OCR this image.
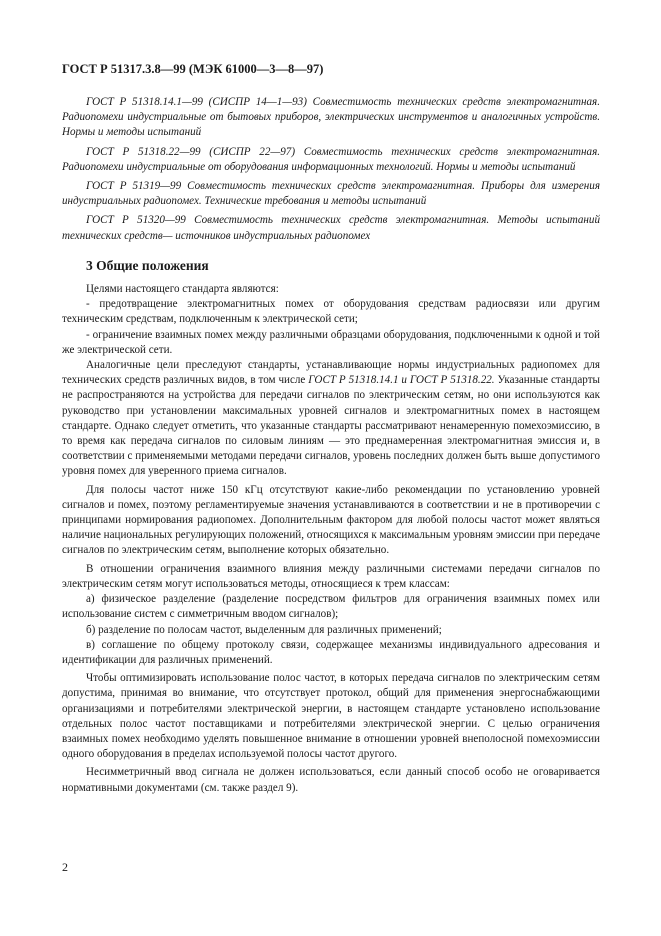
ГОСТ Р 51317.3.8—99 (МЭК 61000—3—8—97)

ГОСТ Р 51318.14.1—99 (СИСПР 14—1—93) Совместимость технических средств электромагнитная. Радиопомехи индустриальные от бытовых приборов, электрических инструментов и аналогичных устройств. Нормы и методы испытаний

ГОСТ Р 51318.22—99 (СИСПР 22—97) Совместимость технических средств электромагнитная. Радиопомехи индустриальные от оборудования информационных технологий. Нормы и методы испытаний

ГОСТ Р 51319—99 Совместимость технических средств электромагнитная. Приборы для измерения индустриальных радиопомех. Технические требования и методы испытаний

ГОСТ Р 51320—99 Совместимость технических средств электромагнитная. Методы испытаний технических средств— источников индустриальных радиопомех

3 Общие положения

Целями настоящего стандарта являются:

- предотвращение электромагнитных помех от оборудования средствам радиосвязи или другим техническим средствам, подключенным к электрической сети;

- ограничение взаимных помех между различными образцами оборудования, подключенными к одной и той же электрической сети.

Аналогичные цели преследуют стандарты, устанавливающие нормы индустриальных радиопомех для технических средств различных видов, в том числе ГОСТ Р 51318.14.1 и ГОСТ Р 51318.22. Указанные стандарты не распространяются на устройства для передачи сигналов по электрическим сетям, но они используются как руководство при установлении максимальных уровней сигналов и электромагнитных помех в настоящем стандарте. Однако следует отметить, что указанные стандарты рассматривают ненамеренную помехоэмиссию, в то время как передача сигналов по силовым линиям — это преднамеренная электромагнитная эмиссия и, в соответствии с применяемыми методами передачи сигналов, уровень последних должен быть выше допустимого уровня помех для уверенного приема сигналов.

Для полосы частот ниже 150 кГц отсутствуют какие-либо рекомендации по установлению уровней сигналов и помех, поэтому регламентируемые значения устанавливаются в соответствии и не в противоречии с принципами нормирования радиопомех. Дополнительным фактором для любой полосы частот может являться наличие национальных регулирующих положений, относящихся к максимальным уровням эмиссии при передаче сигналов по электрическим сетям, выполнение которых обязательно.

В отношении ограничения взаимного влияния между различными системами передачи сигналов по электрическим сетям могут использоваться методы, относящиеся к трем классам:

а) физическое разделение (разделение посредством фильтров для ограничения взаимных помех или использование систем с симметричным вводом сигналов);

б) разделение по полосам частот, выделенным для различных применений;

в) соглашение по общему протоколу связи, содержащее механизмы индивидуального адресования и идентификации для различных применений.

Чтобы оптимизировать использование полос частот, в которых передача сигналов по электрическим сетям допустима, принимая во внимание, что отсутствует протокол, общий для применения энергоснабжающими организациями и потребителями электрической энергии, в настоящем стандарте установлено использование отдельных полос частот поставщиками и потребителями электрической энергии. С целью ограничения взаимных помех необходимо уделять повышенное внимание в отношении уровней внеполосной помехоэмиссии одного оборудования в пределах используемой полосы частот другого.

Несимметричный ввод сигнала не должен использоваться, если данный способ особо не оговаривается нормативными документами (см. также раздел 9).

2
